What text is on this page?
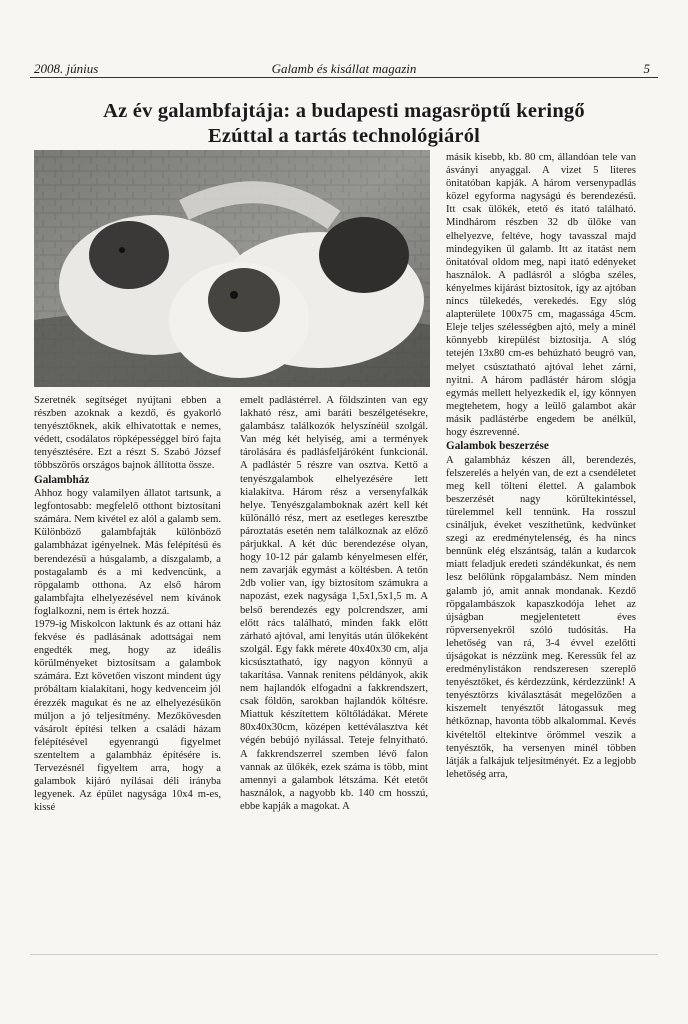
2008. június	Galamb és kisállat magazin	5
Az év galambfajtája: a budapesti magasröptű keringő
Ezúttal a tartás technológiáról

Szeretnék segítséget nyújtani ebben a részben azoknak a kezdő, és gyakorló tenyésztőknek, akik elhivatottak e nemes, védett, csodálatos röpképességgel bíró fajta tenyésztésére. Ezt a részt S. Szabó József többszörös országos bajnok állította össze.

Galambház

Ahhoz hogy valamilyen állatot tartsunk, a legfontosabb: megfelelő otthont biztosítani számára. Nem kivétel ez alól a galamb sem. Különböző galambfajták különböző galambházat igényelnek. Más felépítésű és berendezésű a húsgalamb, a díszgalamb, a postagalamb és a mi kedvencünk, a röpgalamb otthona. Az első három galambfajta elhelyezésével nem kívánok foglalkozni, nem is értek hozzá.

1979-ig Miskolcon laktunk és az ottani ház fekvése és padlásának adottságai nem engedték meg, hogy az ideális körülményeket biztosítsam a galambok számára. Ezt követően viszont mindent úgy próbáltam kialakítani, hogy kedvenceim jól érezzék magukat és ne az elhelyezésükön múljon a jó teljesítmény. Mezőkövesden vásárolt építési telken a családi házam felépítésével egyenrangú figyelmet szenteltem a galambház építésére is. Tervezésnél figyeltem arra, hogy a galambok kijáró nyílásai déli irányba legyenek. Az épület nagysága 10x4 m-es, kissé

emelt padlástérrel. A földszinten van egy lakható rész, ami baráti beszélgetésekre, galambász találkozók helyszínéül szolgál. Van még két helyiség, ami a termények tárolására és padlásfeljáróként funkcionál. A padlástér 5 részre van osztva. Kettő a tenyészgalambok elhelyezésére lett kialakítva. Három rész a versenyfalkák helye. Tenyészgalamboknak azért kell két különálló rész, mert az esetleges keresztbe pároztatás esetén nem találkoznak az előző párjukkal. A két dúc berendezése olyan, hogy 10-12 pár galamb kényelmesen elfér, nem zavarják egymást a költésben. A tetőn 2db volier van, így biztosítom számukra a napozást, ezek nagysága 1,5x1,5x1,5 m. A belső berendezés egy polcrendszer, ami előtt rács található, minden fakk előtt zárható ajtóval, ami lenyitás után ülőkeként szolgál. Egy fakk mérete 40x40x30 cm, alja kicsúsztatható, így nagyon könnyű a takarítása. Vannak renitens példányok, akik nem hajlandók elfogadni a fakkrendszert, csak földön, sarokban hajlandók költésre. Miattuk készítettem költőládákat. Mérete 80x40x30cm, középen kettéválasztva két végén bebújó nyílással. Teteje felnyitható. A fakkrendszerrel szemben lévő falon vannak az ülőkék, ezek száma is több, mint amennyi a galambok létszáma. Két etetőt használok, a nagyobb kb. 140 cm hosszú, ebbe kapják a magokat. A

másik kisebb, kb. 80 cm, állandóan tele van ásványi anyaggal. A vizet 5 literes önitatóban kapják. A három versenypadlás közel egyforma nagyságú és berendezésű. Itt csak ülőkék, etető és itató található. Mindhárom részben 32 db ülőke van elhelyezve, feltéve, hogy tavasszal majd mindegyiken ül galamb. Itt az itatást nem önitatóval oldom meg, napi itató edényeket használok. A padlásról a slógba széles, kényelmes kijárást biztosítok, így az ajtóban nincs tülekedés, verekedés. Egy slóg alapterülete 100x75 cm, magassága 45cm. Eleje teljes szélességben ajtó, mely a minél könnyebb kirepülést biztosítja. A slóg tetején 13x80 cm-es behúzható beugró van, melyet csúsztatható ajtóval lehet zárni, nyitni. A három padlástér három slógja egymás mellett helyezkedik el, így könnyen megtehetem, hogy a leülő galambot akár másik padlástérbe engedem be anélkül, hogy észrevenné.

Galambok beszerzése

A galambház készen áll, berendezés, felszerelés a helyén van, de ezt a csendéletet meg kell tölteni élettel. A galambok beszerzését nagy körültekintéssel, türelemmel kell tennünk. Ha rosszul csináljuk, éveket veszíthetünk, kedvünket szegi az eredménytelenség, és ha nincs bennünk elég elszántság, talán a kudarcok miatt feladjuk eredeti szándékunkat, és nem lesz belőlünk röpgalambász. Nem minden galamb jó, amit annak mondanak. Kezdő röpgalambászok kapaszkodója lehet az újságban megjelentetett éves röpversenyekről szóló tudósítás. Ha lehetőség van rá, 3-4 évvel ezelőtti újságokat is nézzünk meg. Keressük fel az eredménylistákon rendszeresen szereplő tenyésztőket, és kérdezzünk, kérdezzünk! A tenyésztörzs kiválasztását megelőzően a kiszemelt tenyésztőt látogassuk meg hétköznap, havonta több alkalommal. Kevés kivételtől eltekintve örömmel veszik a tenyésztők, ha versenyen minél többen látják a falkájuk teljesítményét. Ez a legjobb lehetőség arra,
